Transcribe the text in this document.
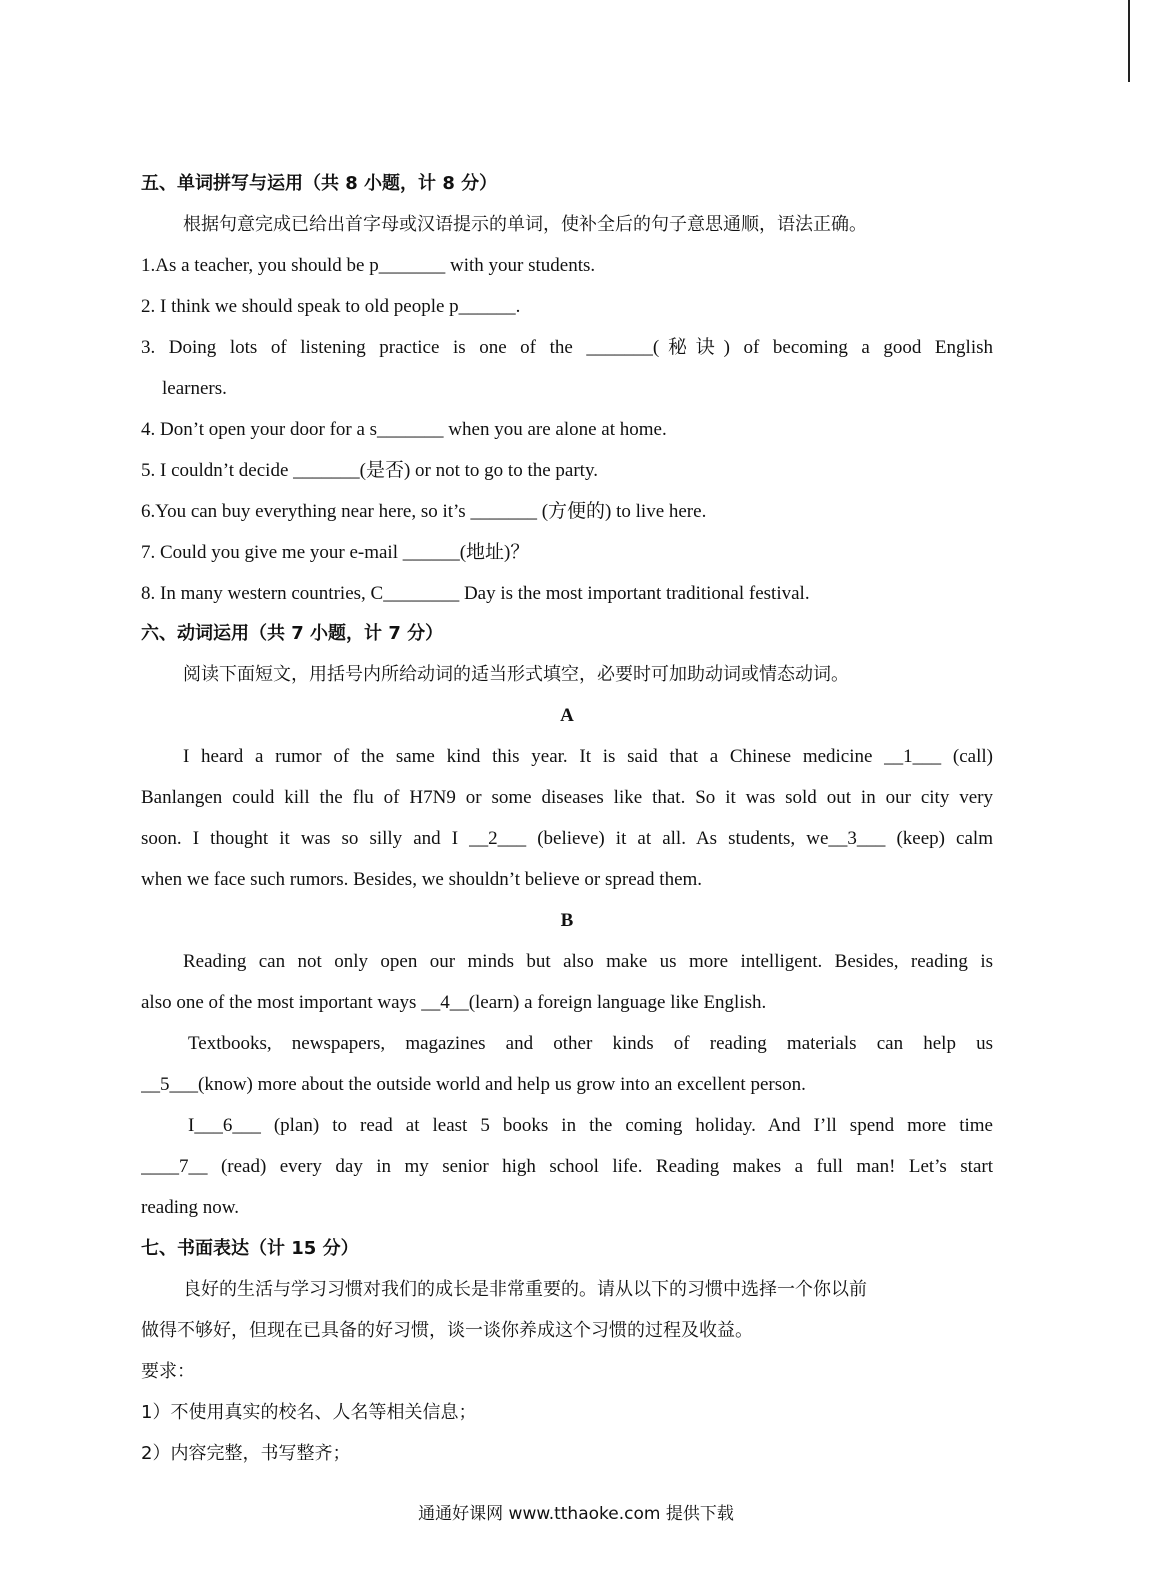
五、单词拼写与运用（共 8 小题，计 8 分）
根据句意完成已给出首字母或汉语提示的单词，使补全后的句子意思通顺，语法正确。
1.As a teacher, you should be p_______ with your students.
2. I think we should speak to old people p______.
3. Doing lots of listening practice is one of the _______(秘诀) of becoming a good English
learners.
4. Don’t open your door for a s_______ when you are alone at home.
5. I couldn’t decide _______(是否) or not to go to the party.
6.You can buy everything near here, so it’s _______ (方便的) to live here.
7. Could you give me your e-mail ______(地址)？
8. In many western countries, C________ Day is the most important traditional festival.
六、动词运用（共 7 小题，计 7 分）
阅读下面短文，用括号内所给动词的适当形式填空，必要时可加助动词或情态动词。
A
I heard a rumor of the same kind this year. It is said that a Chinese medicine __1___ (call)
Banlangen could kill the flu of H7N9 or some diseases like that. So it was sold out in our city very
soon. I thought it was so silly and I __2___ (believe) it at all. As students, we__3___ (keep) calm
when we face such rumors. Besides, we shouldn’t believe or spread them.
B
Reading can not only open our minds but also make us more intelligent. Besides, reading is
also one of the most important ways __4__(learn) a foreign language like English.
Textbooks, newspapers, magazines and other kinds of reading materials can help us
__5___(know) more about the outside world and help us grow into an excellent person.
I___6___ (plan) to read at least 5 books in the coming holiday. And I’ll spend more time
____7__ (read) every day in my senior high school life. Reading makes a full man! Let’s start
reading now.
七、书面表达（计 15 分）
良好的生活与学习习惯对我们的成长是非常重要的。请从以下的习惯中选择一个你以前
做得不够好，但现在已具备的好习惯，谈一谈你养成这个习惯的过程及收益。
要求：
1）不使用真实的校名、人名等相关信息；
2）内容完整，书写整齐；
通通好课网 www.tthaoke.com 提供下载
